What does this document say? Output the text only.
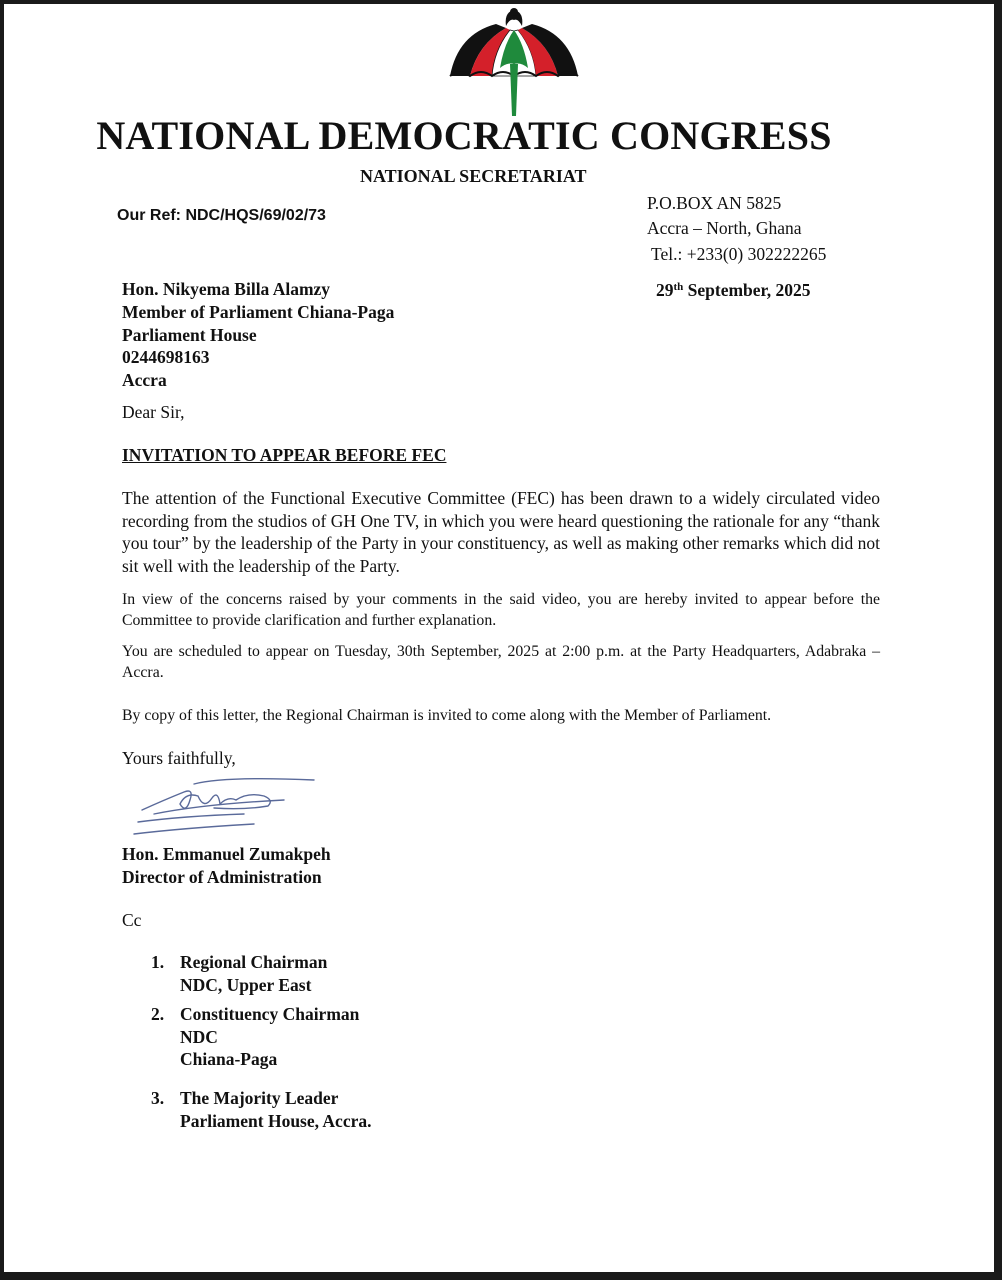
NATIONAL DEMOCRATIC CONGRESS
NATIONAL SECRETARIAT
Our Ref: NDC/HQS/69/02/73
P.O.BOX AN 5825
Accra – North, Ghana
Tel.: +233(0) 302222265
29th September, 2025
Hon. Nikyema Billa Alamzy
Member of Parliament Chiana-Paga
Parliament House
0244698163
Accra
Dear Sir,
INVITATION TO APPEAR BEFORE FEC
The attention of the Functional Executive Committee (FEC) has been drawn to a widely circulated video recording from the studios of GH One TV, in which you were heard questioning the rationale for any “thank you tour” by the leadership of the Party in your constituency, as well as making other remarks which did not sit well with the leadership of the Party.
In view of the concerns raised by your comments in the said video, you are hereby invited to appear before the Committee to provide clarification and further explanation.
You are scheduled to appear on Tuesday, 30th September, 2025 at 2:00 p.m. at the Party Headquarters, Adabraka – Accra.
By copy of this letter, the Regional Chairman is invited to come along with the Member of Parliament.
Yours faithfully,
Hon. Emmanuel Zumakpeh
Director of Administration
Cc
1. Regional Chairman
NDC, Upper East
2. Constituency Chairman
NDC
Chiana-Paga
3. The Majority Leader
Parliament House, Accra.
